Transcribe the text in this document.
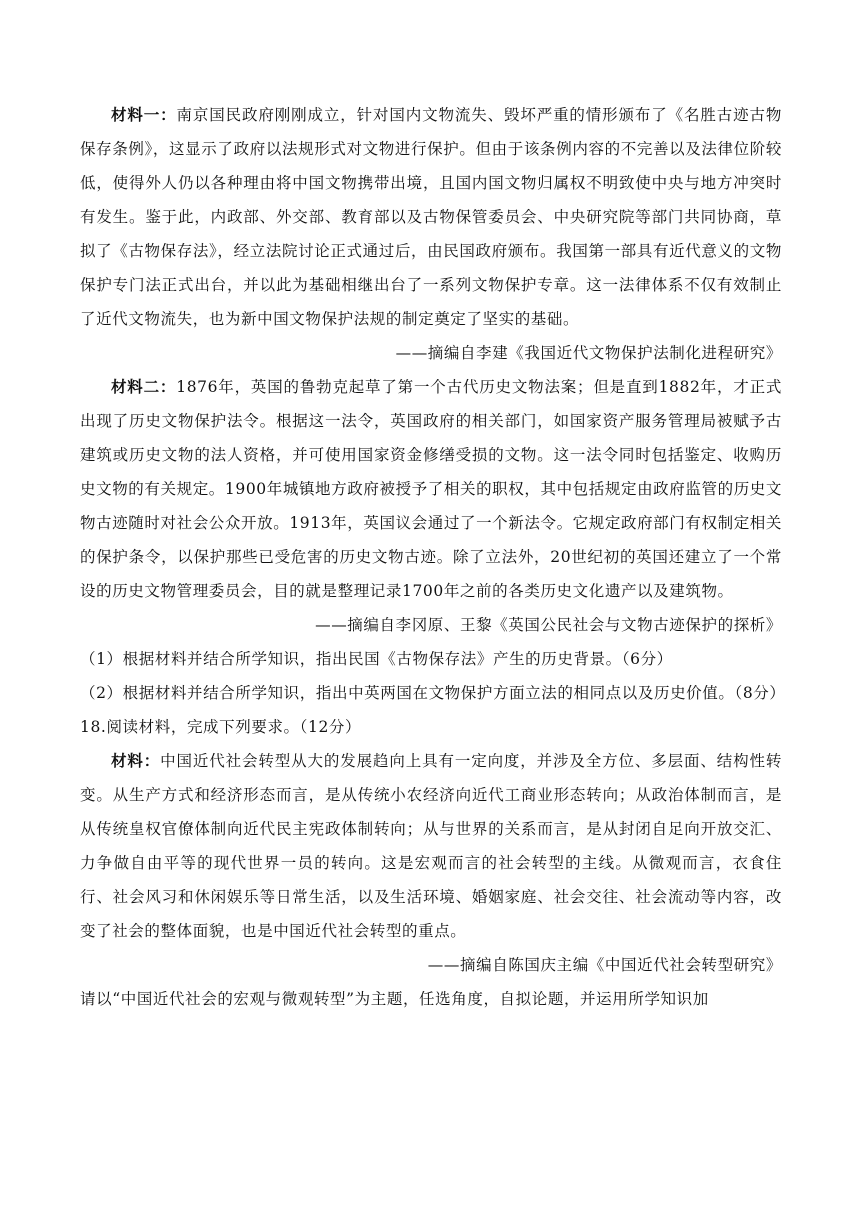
材料一：南京国民政府刚刚成立，针对国内文物流失、毁坏严重的情形颁布了《名胜古迹古物保存条例》，这显示了政府以法规形式对文物进行保护。但由于该条例内容的不完善以及法律位阶较低，使得外人仍以各种理由将中国文物携带出境，且国内国文物归属权不明致使中央与地方冲突时有发生。鉴于此，内政部、外交部、教育部以及古物保管委员会、中央研究院等部门共同协商，草拟了《古物保存法》，经立法院讨论正式通过后，由民国政府颁布。我国第一部具有近代意义的文物保护专门法正式出台，并以此为基础相继出台了一系列文物保护专章。这一法律体系不仅有效制止了近代文物流失，也为新中国文物保护法规的制定奠定了坚实的基础。

——摘编自李建《我国近代文物保护法制化进程研究》

材料二：1876年，英国的鲁勃克起草了第一个古代历史文物法案；但是直到1882年，才正式出现了历史文物保护法令。根据这一法令，英国政府的相关部门，如国家资产服务管理局被赋予古建筑或历史文物的法人资格，并可使用国家资金修缮受损的文物。这一法令同时包括鉴定、收购历史文物的有关规定。1900年城镇地方政府被授予了相关的职权，其中包括规定由政府监管的历史文物古迹随时对社会公众开放。1913年，英国议会通过了一个新法令。它规定政府部门有权制定相关的保护条令，以保护那些已受危害的历史文物古迹。除了立法外，20世纪初的英国还建立了一个常设的历史文物管理委员会，目的就是整理记录1700年之前的各类历史文化遗产以及建筑物。

——摘编自李冈原、王黎《英国公民社会与文物古迹保护的探析》

（1）根据材料并结合所学知识，指出民国《古物保存法》产生的历史背景。（6分）

（2）根据材料并结合所学知识，指出中英两国在文物保护方面立法的相同点以及历史价值。（8分）

18.阅读材料，完成下列要求。（12分）

材料：中国近代社会转型从大的发展趋向上具有一定向度，并涉及全方位、多层面、结构性转变。从生产方式和经济形态而言，是从传统小农经济向近代工商业形态转向；从政治体制而言，是从传统皇权官僚体制向近代民主宪政体制转向；从与世界的关系而言，是从封闭自足向开放交汇、力争做自由平等的现代世界一员的转向。这是宏观而言的社会转型的主线。从微观而言，衣食住行、社会风习和休闲娱乐等日常生活，以及生活环境、婚姻家庭、社会交往、社会流动等内容，改变了社会的整体面貌，也是中国近代社会转型的重点。

——摘编自陈国庆主编《中国近代社会转型研究》

请以“中国近代社会的宏观与微观转型”为主题，任选角度，自拟论题，并运用所学知识加
